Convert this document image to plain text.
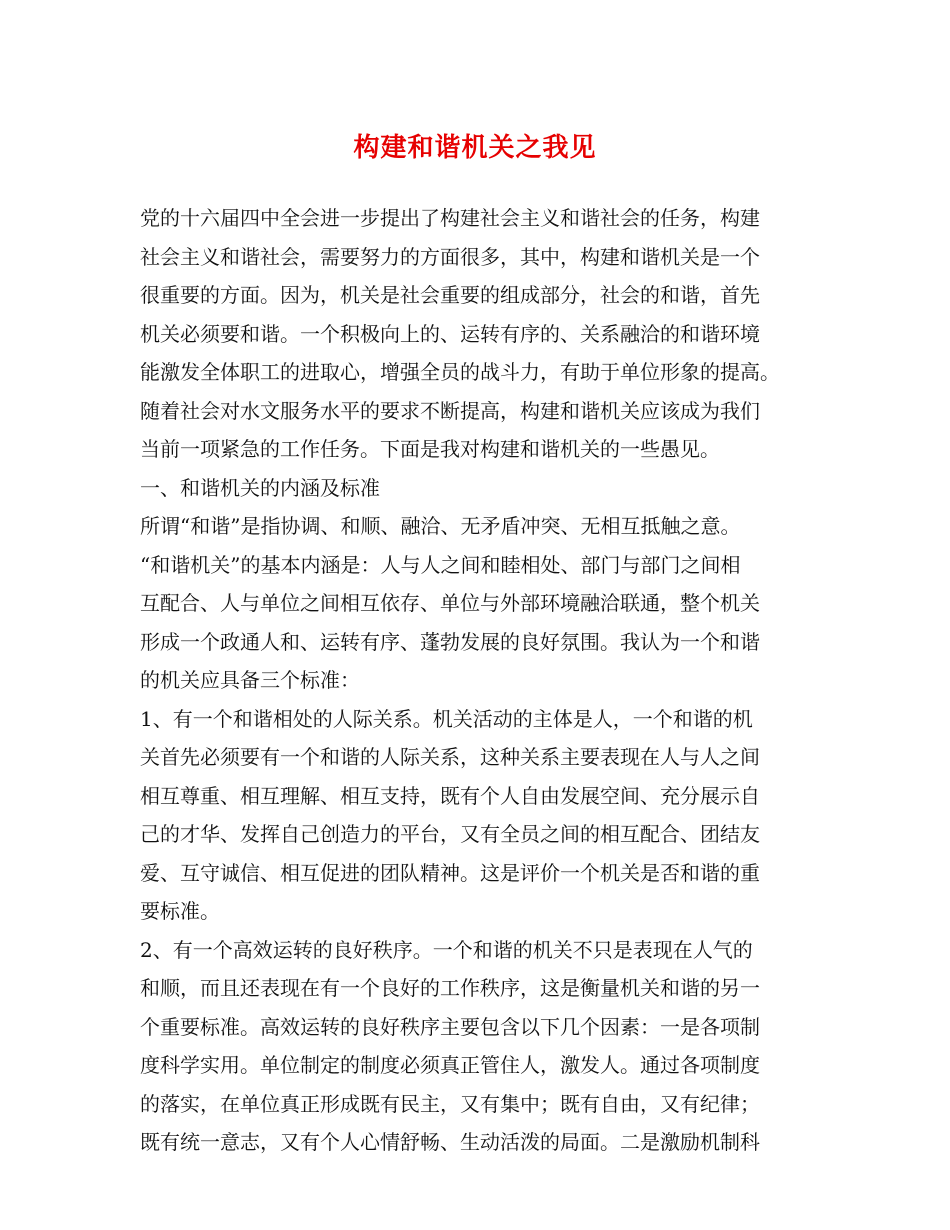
构建和谐机关之我见
党的十六届四中全会进一步提出了构建社会主义和谐社会的任务，构建
社会主义和谐社会，需要努力的方面很多，其中，构建和谐机关是一个
很重要的方面。因为，机关是社会重要的组成部分，社会的和谐，首先
机关必须要和谐。一个积极向上的、运转有序的、关系融洽的和谐环境
能激发全体职工的进取心，增强全员的战斗力，有助于单位形象的提高。
随着社会对水文服务水平的要求不断提高，构建和谐机关应该成为我们
当前一项紧急的工作任务。下面是我对构建和谐机关的一些愚见。
一、和谐机关的内涵及标准
所谓“和谐”是指协调、和顺、融洽、无矛盾冲突、无相互抵触之意。
“和谐机关”的基本内涵是：人与人之间和睦相处、部门与部门之间相
互配合、人与单位之间相互依存、单位与外部环境融洽联通，整个机关
形成一个政通人和、运转有序、蓬勃发展的良好氛围。我认为一个和谐
的机关应具备三个标准：
1、有一个和谐相处的人际关系。机关活动的主体是人，一个和谐的机
关首先必须要有一个和谐的人际关系，这种关系主要表现在人与人之间
相互尊重、相互理解、相互支持，既有个人自由发展空间、充分展示自
己的才华、发挥自己创造力的平台，又有全员之间的相互配合、团结友
爱、互守诚信、相互促进的团队精神。这是评价一个机关是否和谐的重
要标准。
2、有一个高效运转的良好秩序。一个和谐的机关不只是表现在人气的
和顺，而且还表现在有一个良好的工作秩序，这是衡量机关和谐的另一
个重要标准。高效运转的良好秩序主要包含以下几个因素：一是各项制
度科学实用。单位制定的制度必须真正管住人，激发人。通过各项制度
的落实，在单位真正形成既有民主，又有集中；既有自由，又有纪律；
既有统一意志，又有个人心情舒畅、生动活泼的局面。二是激励机制科
